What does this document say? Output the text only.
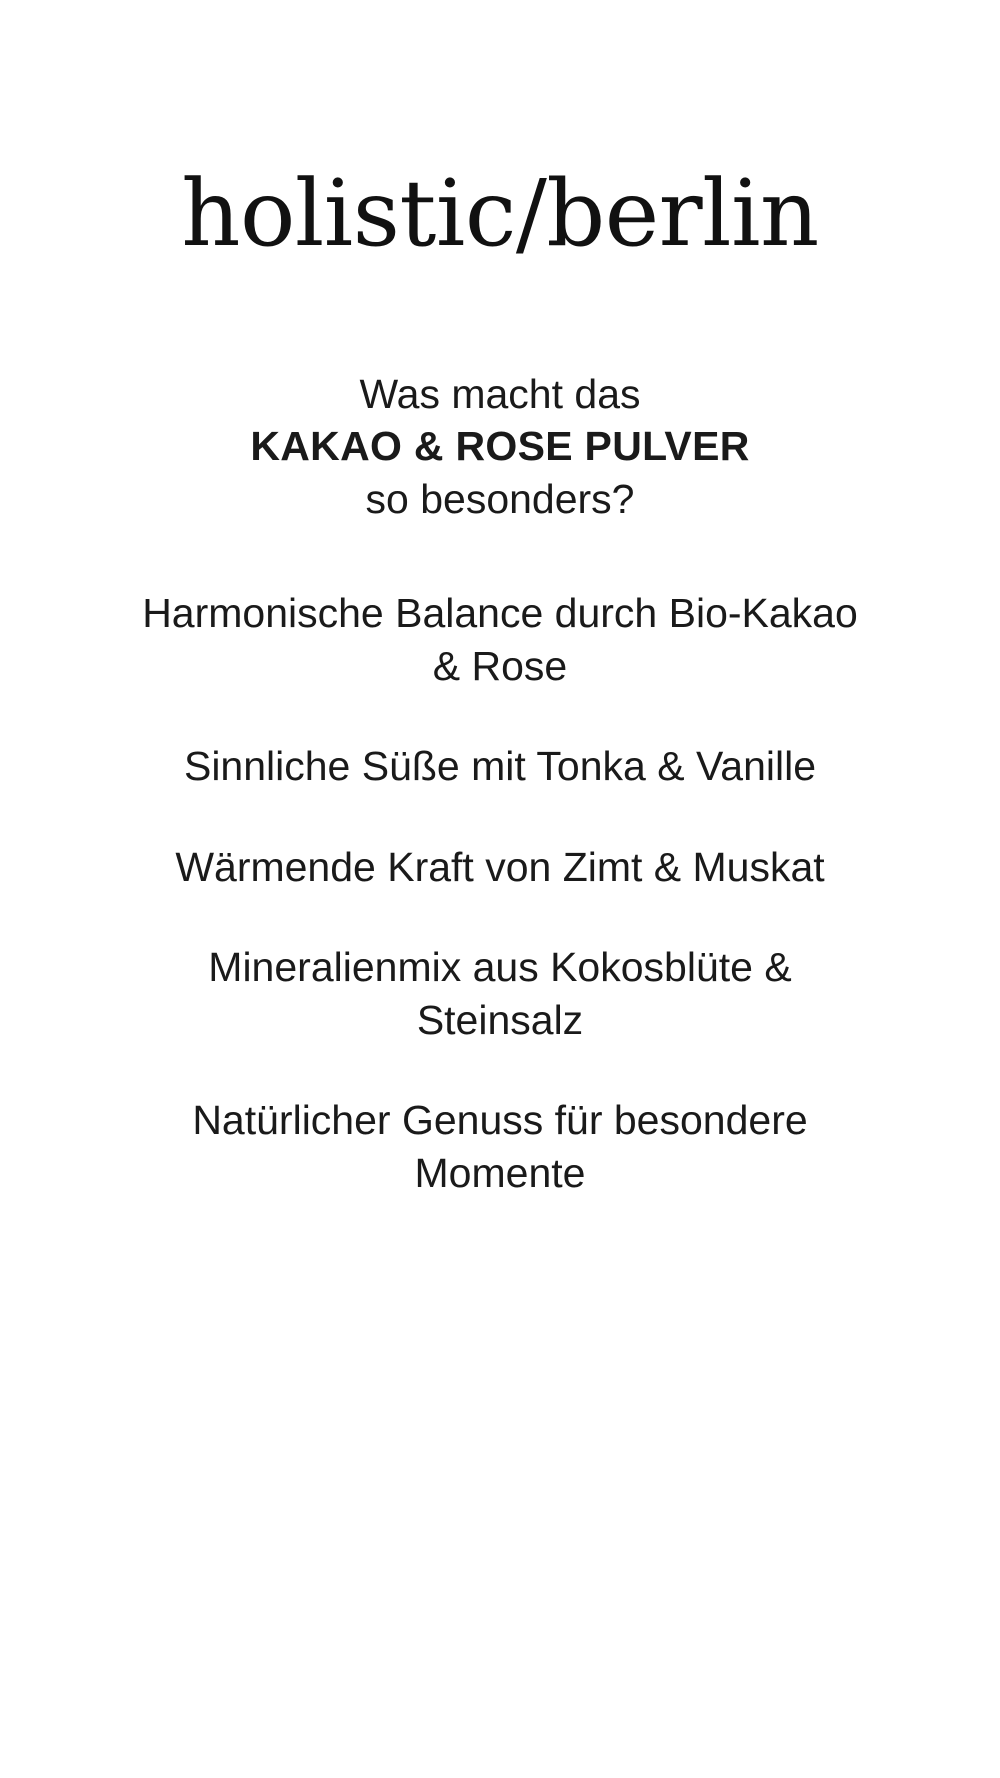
holistic/berlin
Was macht das
KAKAO & ROSE PULVER
so besonders?
Harmonische Balance durch Bio-Kakao & Rose
Sinnliche Süße mit Tonka & Vanille
Wärmende Kraft von Zimt & Muskat
Mineralienmix aus Kokosblüte & Steinsalz
Natürlicher Genuss für besondere Momente
